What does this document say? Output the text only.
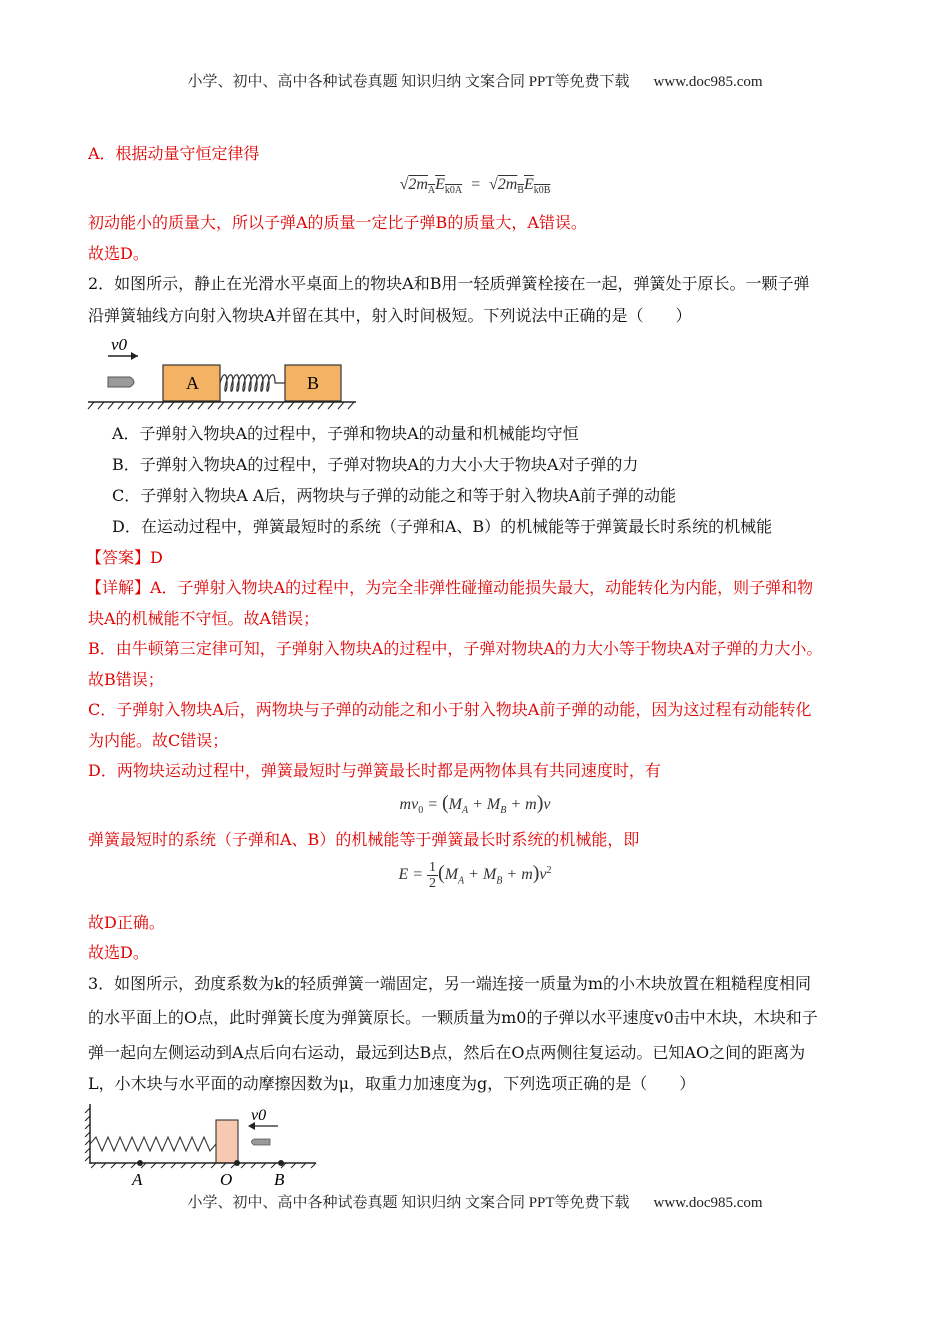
小学、初中、高中各种试卷真题 知识归纳 文案合同 PPT等免费下载 www.doc985.com
A．根据动量守恒定律得
$√2m_AE_{k0A} = √2m_BE_{k0B}$
初动能小的质量大，所以子弹A的质量一定比子弹B的质量大，A错误。
故选D。
2．如图所示，静止在光滑水平桌面上的物块A和B用一轻质弹簧栓接在一起，弹簧处于原长。一颗子弹
沿弹簧轴线方向射入物块A并留在其中，射入时间极短。下列说法中正确的是（　　）
v0
A	B
A．子弹射入物块A的过程中，子弹和物块A的动量和机械能均守恒
B．子弹射入物块A的过程中，子弹对物块A的力大小大于物块A对子弹的力
C．子弹射入物块A A后，两物块与子弹的动能之和等于射入物块A前子弹的动能
D．在运动过程中，弹簧最短时的系统（子弹和A、B）的机械能等于弹簧最长时系统的机械能
【答案】D
【详解】A．子弹射入物块A的过程中，为完全非弹性碰撞动能损失最大，动能转化为内能，则子弹和物
块A的机械能不守恒。故A错误；
B．由牛顿第三定律可知，子弹射入物块A的过程中，子弹对物块A的力大小等于物块A对子弹的力大小。
故B错误；
C．子弹射入物块A后，两物块与子弹的动能之和小于射入物块A前子弹的动能，因为这过程有动能转化
为内能。故C错误；
D．两物块运动过程中，弹簧最短时与弹簧最长时都是两物体具有共同速度时，有
$mv_0 = (M_A + M_B + m)v$
弹簧最短时的系统（子弹和A、B）的机械能等于弹簧最长时系统的机械能，即
$E = \frac{1}{2} (M_A + M_B + m)v^2$
故D正确。
故选D。
3．如图所示，劲度系数为k的轻质弹簧一端固定，另一端连接一质量为m的小木块放置在粗糙程度相同
的水平面上的O点，此时弹簧长度为弹簧原长。一颗质量为m0的子弹以水平速度v0击中木块，木块和子
弹一起向左侧运动到A点后向右运动，最远到达B点，然后在O点两侧往复运动。已知AO之间的距离为
L，小木块与水平面的动摩擦因数为μ，取重力加速度为g，下列选项正确的是（　　）
v0
A	O B
小学、初中、高中各种试卷真题 知识归纳 文案合同 PPT等免费下载 www.doc985.com
